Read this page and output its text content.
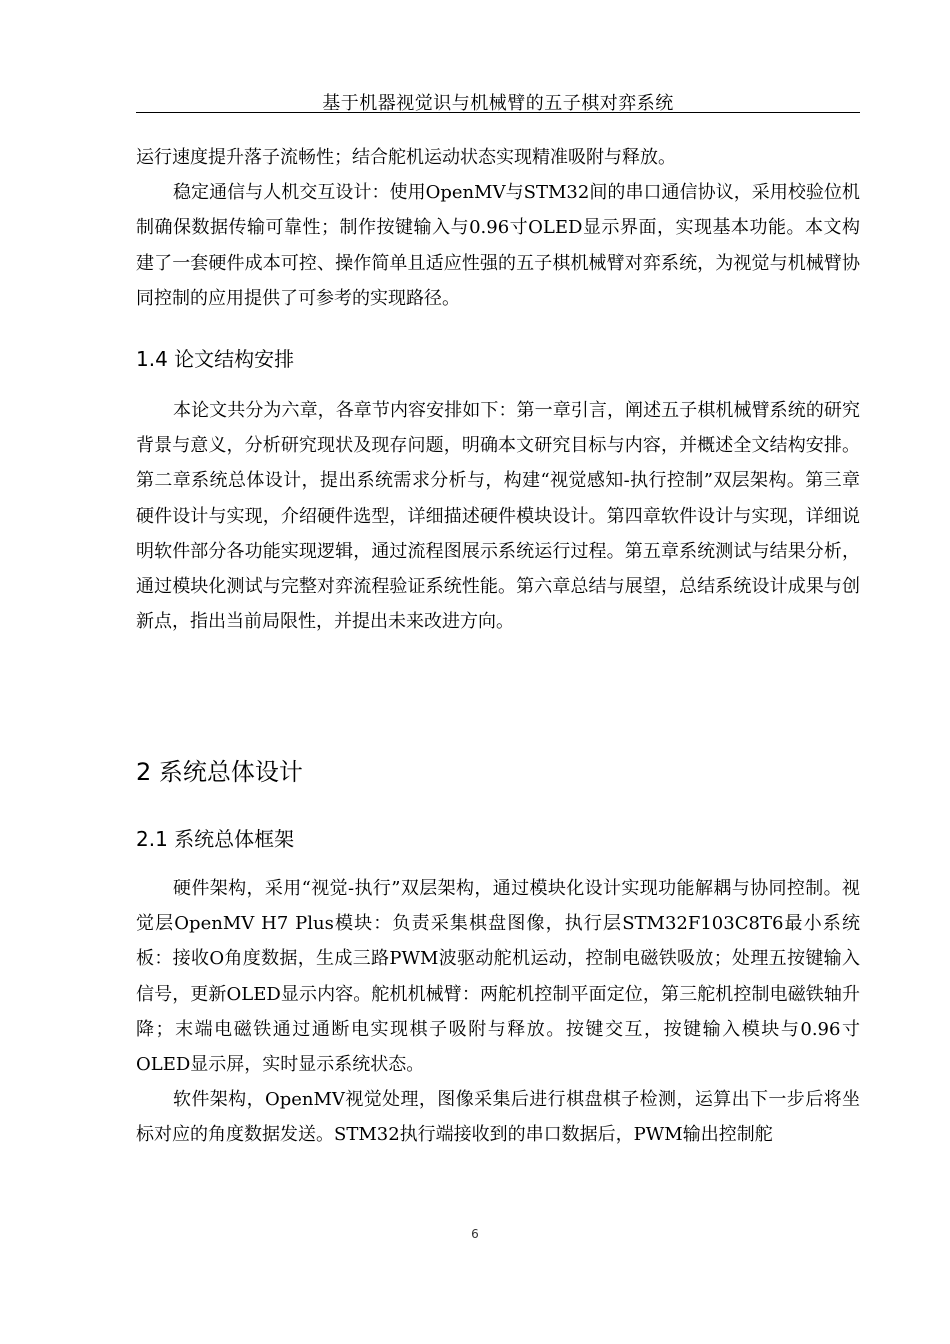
基于机器视觉识与机械臂的五子棋对弈系统

运行速度提升落子流畅性；结合舵机运动状态实现精准吸附与释放。

稳定通信与人机交互设计：使用OpenMV与STM32间的串口通信协议，采用校验位机制确保数据传输可靠性；制作按键输入与0.96寸OLED显示界面，实现基本功能。本文构建了一套硬件成本可控、操作简单且适应性强的五子棋机械臂对弈系统，为视觉与机械臂协同控制的应用提供了可参考的实现路径。

1.4 论文结构安排

本论文共分为六章，各章节内容安排如下：第一章引言，阐述五子棋机械臂系统的研究背景与意义，分析研究现状及现存问题，明确本文研究目标与内容，并概述全文结构安排。第二章系统总体设计，提出系统需求分析与，构建“视觉感知-执行控制”双层架构。第三章硬件设计与实现，介绍硬件选型，详细描述硬件模块设计。第四章软件设计与实现，详细说明软件部分各功能实现逻辑，通过流程图展示系统运行过程。第五章系统测试与结果分析，通过模块化测试与完整对弈流程验证系统性能。第六章总结与展望，总结系统设计成果与创新点，指出当前局限性，并提出未来改进方向。

2 系统总体设计
2.1 系统总体框架

硬件架构，采用“视觉-执行”双层架构，通过模块化设计实现功能解耦与协同控制。视觉层OpenMV H7 Plus模块：负责采集棋盘图像，执行层STM32F103C8T6最小系统板：接收O角度数据，生成三路PWM波驱动舵机运动，控制电磁铁吸放；处理五按键输入信号，更新OLED显示内容。舵机机械臂：两舵机控制平面定位，第三舵机控制电磁铁轴升降；末端电磁铁通过通断电实现棋子吸附与释放。按键交互，按键输入模块与0.96寸OLED显示屏，实时显示系统状态。

软件架构，OpenMV视觉处理，图像采集后进行棋盘棋子检测，运算出下一步后将坐标对应的角度数据发送。STM32执行端接收到的串口数据后，PWM输出控制舵

6
